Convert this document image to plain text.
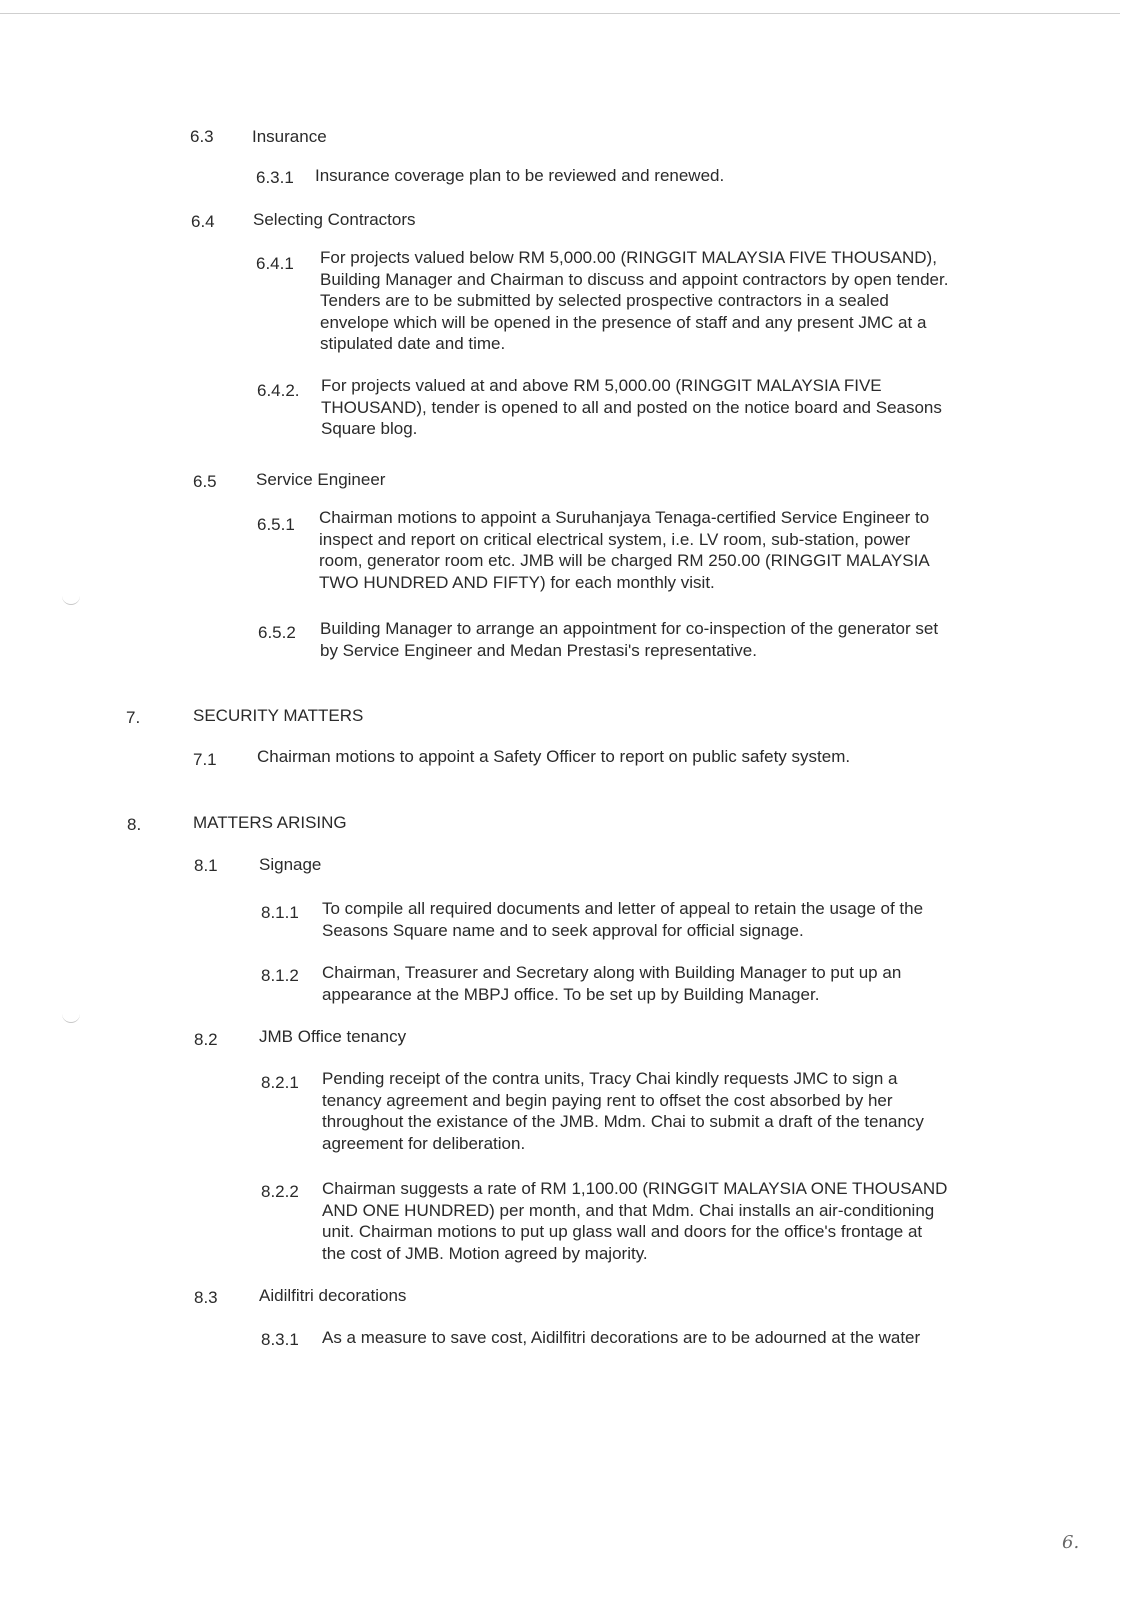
6.3 Insurance
6.3.1 Insurance coverage plan to be reviewed and renewed.
6.4 Selecting Contractors
6.4.1 For projects valued below RM 5,000.00 (RINGGIT MALAYSIA FIVE THOUSAND),
Building Manager and Chairman to discuss and appoint contractors by open tender.
Tenders are to be submitted by selected prospective contractors in a sealed
envelope which will be opened in the presence of staff and any present JMC at a
stipulated date and time.
6.4.2. For projects valued at and above RM 5,000.00 (RINGGIT MALAYSIA FIVE
THOUSAND), tender is opened to all and posted on the notice board and Seasons
Square blog.
6.5 Service Engineer
6.5.1 Chairman motions to appoint a Suruhanjaya Tenaga-certified Service Engineer to
inspect and report on critical electrical system, i.e. LV room, sub-station, power
room, generator room etc. JMB will be charged RM 250.00 (RINGGIT MALAYSIA
TWO HUNDRED AND FIFTY) for each monthly visit.
6.5.2 Building Manager to arrange an appointment for co-inspection of the generator set
by Service Engineer and Medan Prestasi's representative.
7.	SECURITY MATTERS
7.1 Chairman motions to appoint a Safety Officer to report on public safety system.
8.	MATTERS ARISING
8.1 Signage
8.1.1 To compile all required documents and letter of appeal to retain the usage of the
Seasons Square name and to seek approval for official signage.
8.1.2 Chairman, Treasurer and Secretary along with Building Manager to put up an
appearance at the MBPJ office. To be set up by Building Manager.
8.2 JMB Office tenancy
8.2.1 Pending receipt of the contra units, Tracy Chai kindly requests JMC to sign a
tenancy agreement and begin paying rent to offset the cost absorbed by her
throughout the existance of the JMB. Mdm. Chai to submit a draft of the tenancy
agreement for deliberation.
8.2.2 Chairman suggests a rate of RM 1,100.00 (RINGGIT MALAYSIA ONE THOUSAND
AND ONE HUNDRED) per month, and that Mdm. Chai installs an air-conditioning
unit. Chairman motions to put up glass wall and doors for the office's frontage at
the cost of JMB. Motion agreed by majority.
8.3 Aidilfitri decorations
8.3.1 As a measure to save cost, Aidilfitri decorations are to be adourned at the water
6.
